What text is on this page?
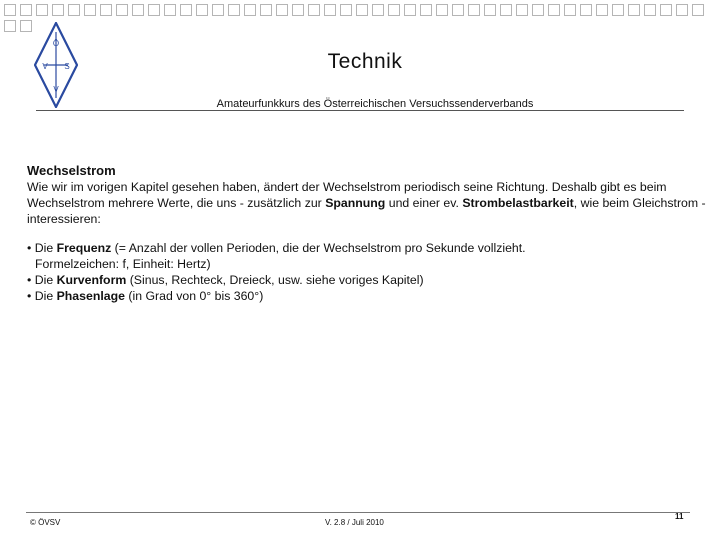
Ö
V S
V
Technik
Amateurfunkkurs des Österreichischen Versuchssenderverbands
Wechselstrom
Wie wir im vorigen Kapitel gesehen haben, ändert der Wechselstrom periodisch seine Richtung. Deshalb gibt es beim Wechselstrom mehrere Werte, die uns - zusätzlich zur Spannung und einer ev. Strombelastbarkeit, wie beim Gleichstrom - interessieren:
• Die Frequenz (= Anzahl der vollen Perioden, die der Wechselstrom pro Sekunde vollzieht.
Formelzeichen: f, Einheit: Hertz)
• Die Kurvenform (Sinus, Rechteck, Dreieck, usw. siehe voriges Kapitel)
• Die Phasenlage (in Grad von 0° bis 360°)
© ÖVSV	V. 2.8 / Juli 2010
11
